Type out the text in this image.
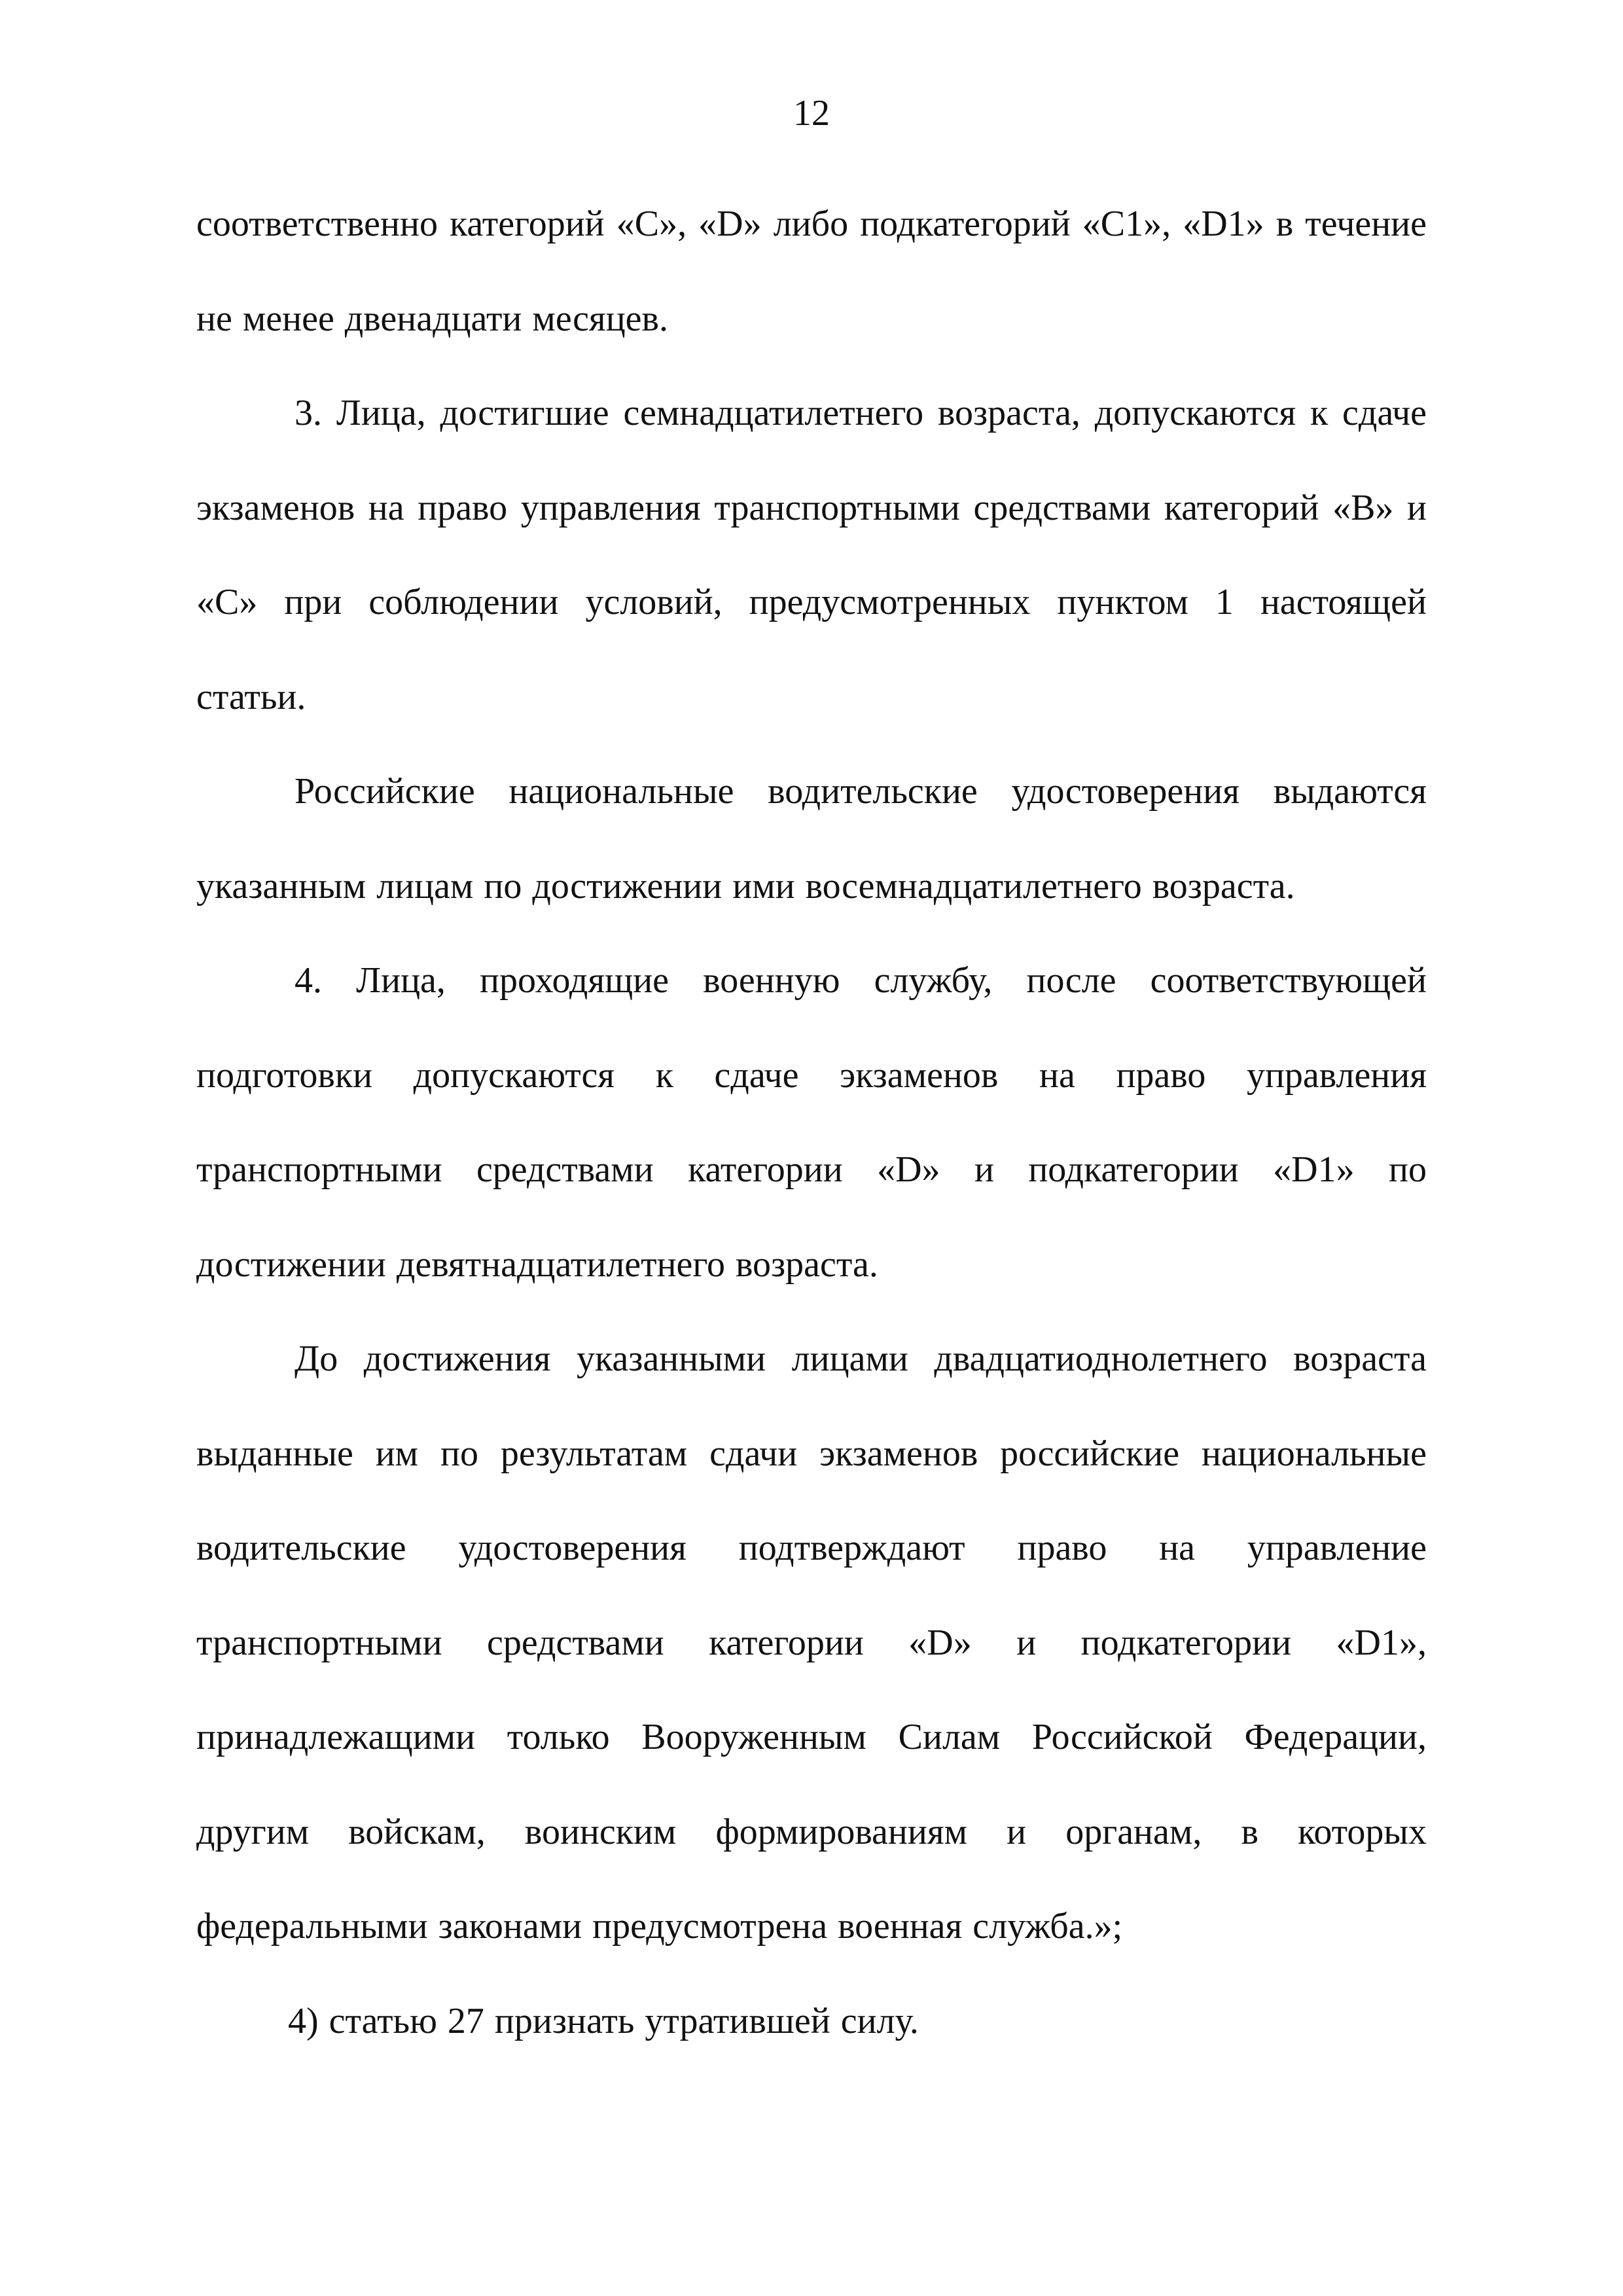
12

соответственно категорий «C», «D» либо подкатегорий «C1», «D1» в течение не менее двенадцати месяцев.

3. Лица, достигшие семнадцатилетнего возраста, допускаются к сдаче экзаменов на право управления транспортными средствами категорий «B» и «C» при соблюдении условий, предусмотренных пунктом 1 настоящей статьи.

Российские национальные водительские удостоверения выдаются указанным лицам по достижении ими восемнадцатилетнего возраста.

4. Лица, проходящие военную службу, после соответствующей подготовки допускаются к сдаче экзаменов на право управления транспортными средствами категории «D» и подкатегории «D1» по достижении девятнадцатилетнего возраста.

До достижения указанными лицами двадцатиоднолетнего возраста выданные им по результатам сдачи экзаменов российские национальные водительские удостоверения подтверждают право на управление транспортными средствами категории «D» и подкатегории «D1», принадлежащими только Вооруженным Силам Российской Федерации, другим войскам, воинским формированиям и органам, в которых федеральными законами предусмотрена военная служба.»;

4) статью 27 признать утратившей силу.
